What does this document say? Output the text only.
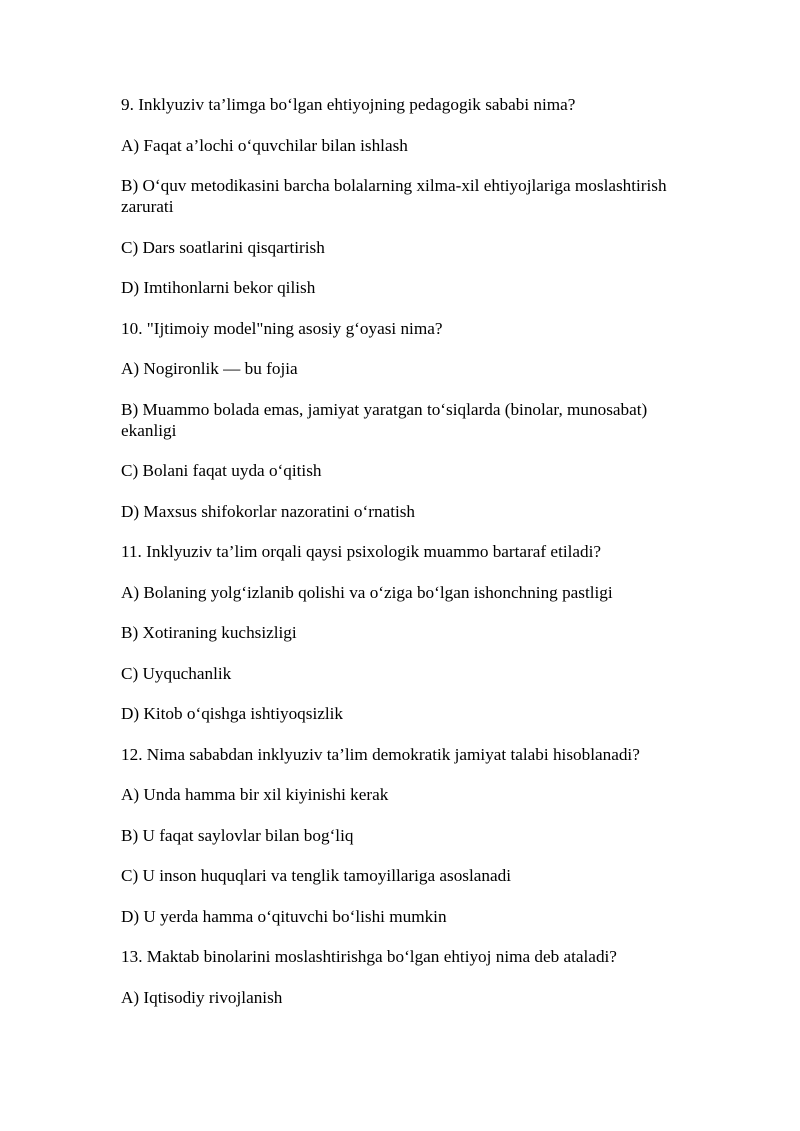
9. Inklyuziv ta’limga bo‘lgan ehtiyojning pedagogik sababi nima?

A) Faqat a’lochi o‘quvchilar bilan ishlash

B) O‘quv metodikasini barcha bolalarning xilma-xil ehtiyojlariga moslashtirish zarurati

C) Dars soatlarini qisqartirish

D) Imtihonlarni bekor qilish

10. "Ijtimoiy model"ning asosiy g‘oyasi nima?

A) Nogironlik — bu fojia

B) Muammo bolada emas, jamiyat yaratgan to‘siqlarda (binolar, munosabat) ekanligi

C) Bolani faqat uyda o‘qitish

D) Maxsus shifokorlar nazoratini o‘rnatish

11. Inklyuziv ta’lim orqali qaysi psixologik muammo bartaraf etiladi?

A) Bolaning yolg‘izlanib qolishi va o‘ziga bo‘lgan ishonchning pastligi

B) Xotiraning kuchsizligi

C) Uyquchanlik

D) Kitob o‘qishga ishtiyoqsizlik

12. Nima sababdan inklyuziv ta’lim demokratik jamiyat talabi hisoblanadi?

A) Unda hamma bir xil kiyinishi kerak

B) U faqat saylovlar bilan bog‘liq

C) U inson huquqlari va tenglik tamoyillariga asoslanadi

D) U yerda hamma o‘qituvchi bo‘lishi mumkin

13. Maktab binolarini moslashtirishga bo‘lgan ehtiyoj nima deb ataladi?

A) Iqtisodiy rivojlanish
